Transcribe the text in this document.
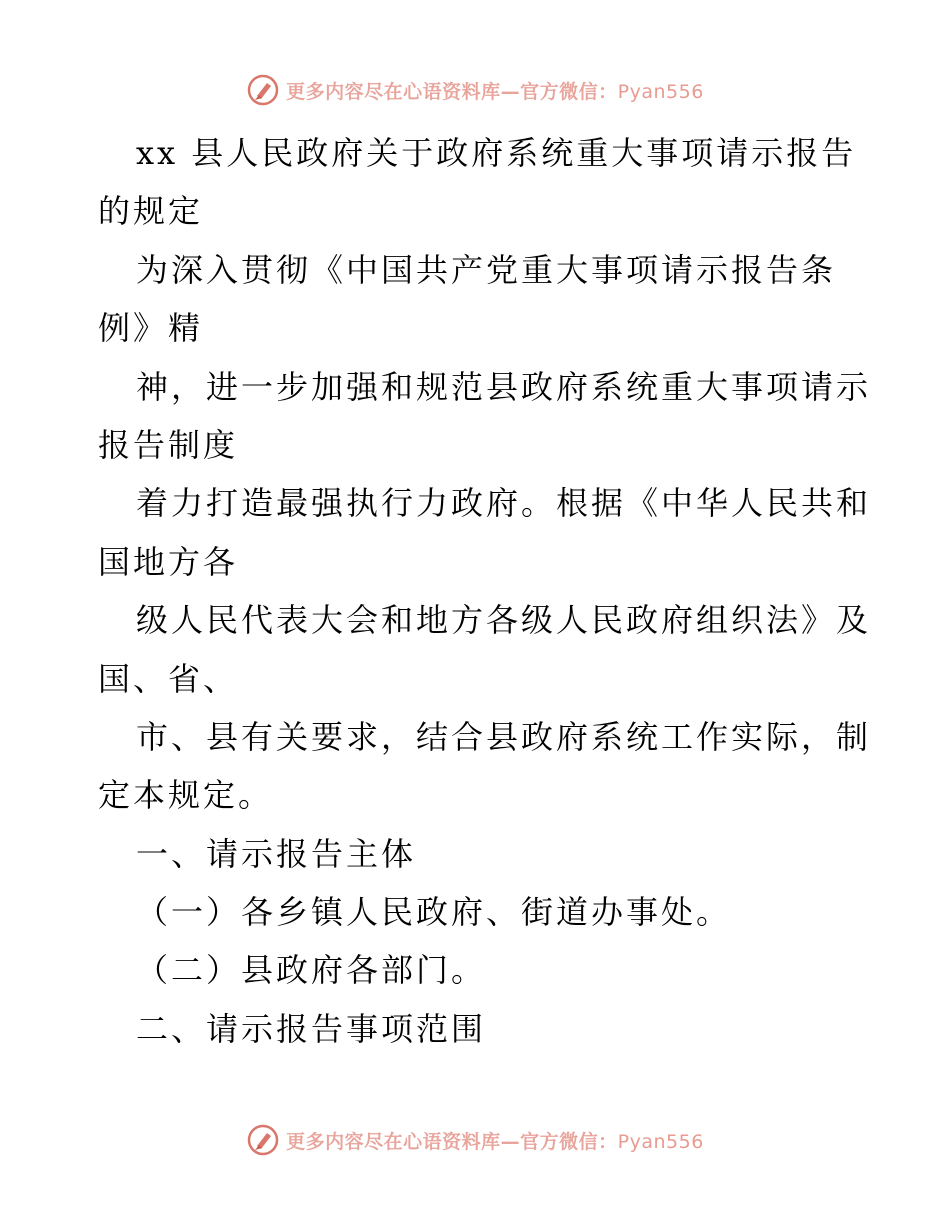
更多内容尽在心语资料库—官方微信：Pyan556
xx 县人民政府关于政府系统重大事项请示报告
的规定
为深入贯彻《中国共产党重大事项请示报告条
例》精
神，进一步加强和规范县政府系统重大事项请示
报告制度
着力打造最强执行力政府。根据《中华人民共和
国地方各
级人民代表大会和地方各级人民政府组织法》及
国、省、
市、县有关要求，结合县政府系统工作实际，制
定本规定。
一、请示报告主体
（一）各乡镇人民政府、街道办事处。
（二）县政府各部门。
二、请示报告事项范围
更多内容尽在心语资料库—官方微信：Pyan556
